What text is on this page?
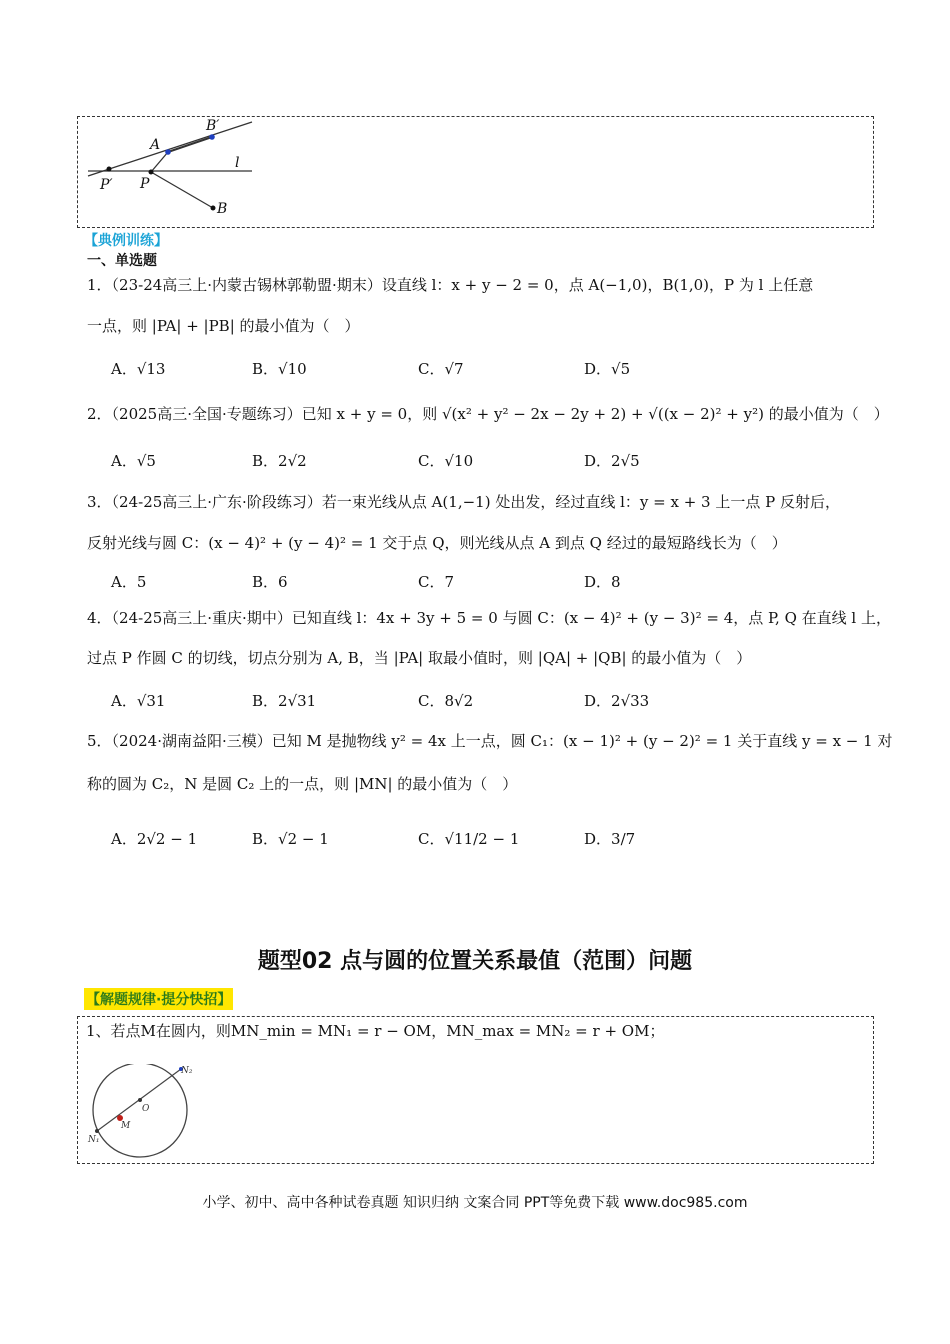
A
B′
l
P′ P
B
【典例训练】
一、单选题
1．（23-24高三上·内蒙古锡林郭勒盟·期末）设直线 l：x + y − 2 = 0，点 A(−1,0)，B(1,0)，P 为 l 上任意
一点，则 |PA| + |PB| 的最小值为（　）
A．√13	B．√10	C．√7	D．√5
2．（2025高三·全国·专题练习）已知 x + y = 0，则 √(x² + y² − 2x − 2y + 2) + √((x − 2)² + y²) 的最小值为（　）
A．√5	B．2√2	C．√10	D．2√5
3．（24-25高三上·广东·阶段练习）若一束光线从点 A(1,−1) 处出发，经过直线 l：y = x + 3 上一点 P 反射后，
反射光线与圆 C：(x − 4)² + (y − 4)² = 1 交于点 Q，则光线从点 A 到点 Q 经过的最短路线长为（　）
A．5	B．6	C．7	D．8
4．（24-25高三上·重庆·期中）已知直线 l：4x + 3y + 5 = 0 与圆 C：(x − 4)² + (y − 3)² = 4，点 P, Q 在直线 l 上，
过点 P 作圆 C 的切线，切点分别为 A, B，当 |PA| 取最小值时，则 |QA| + |QB| 的最小值为（　）
A．√31	B．2√31	C．8√2	D．2√33
5．（2024·湖南益阳·三模）已知 M 是抛物线 y² = 4x 上一点，圆 C₁：(x − 1)² + (y − 2)² = 1 关于直线 y = x − 1 对
称的圆为 C₂，N 是圆 C₂ 上的一点，则 |MN| 的最小值为（　）
A．2√2 − 1	B．√2 − 1	C．√11/2 − 1	D．3/7
题型02 点与圆的位置关系最值（范围）问题
【解题规律·提分快招】
1、若点M在圆内，则MN_min = MN₁ = r − OM，MN_max = MN₂ = r + OM；
N₂
O
M
N₁
小学、初中、高中各种试卷真题 知识归纳 文案合同 PPT等免费下载 www.doc985.com
